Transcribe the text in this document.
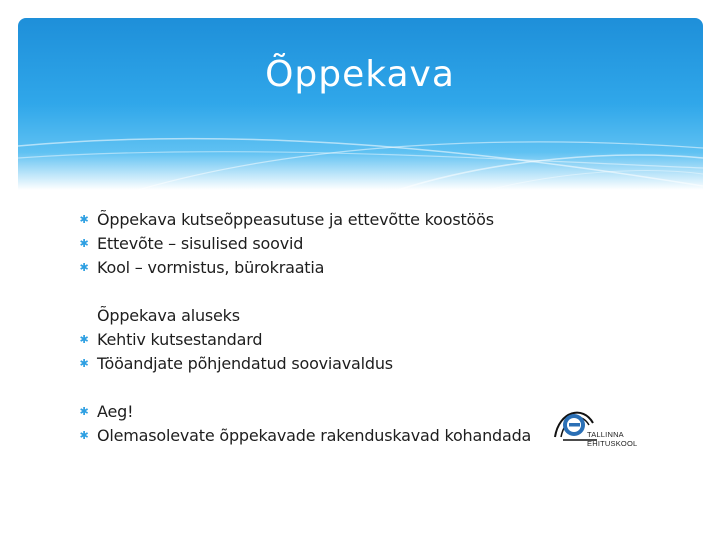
Õppekava
✱ Õppekava kutseõppeasutuse ja ettevõtte koostöös
✱ Ettevõte – sisulised soovid
✱ Kool – vormistus, bürokraatia
Õppekava aluseks
✱ Kehtiv kutsestandard
✱ Tööandjate põhjendatud sooviavaldus
✱ Aeg!
✱ Olemasolevate õppekavade rakenduskavad kohandada	TALLINNA
EHITUSKOOL
